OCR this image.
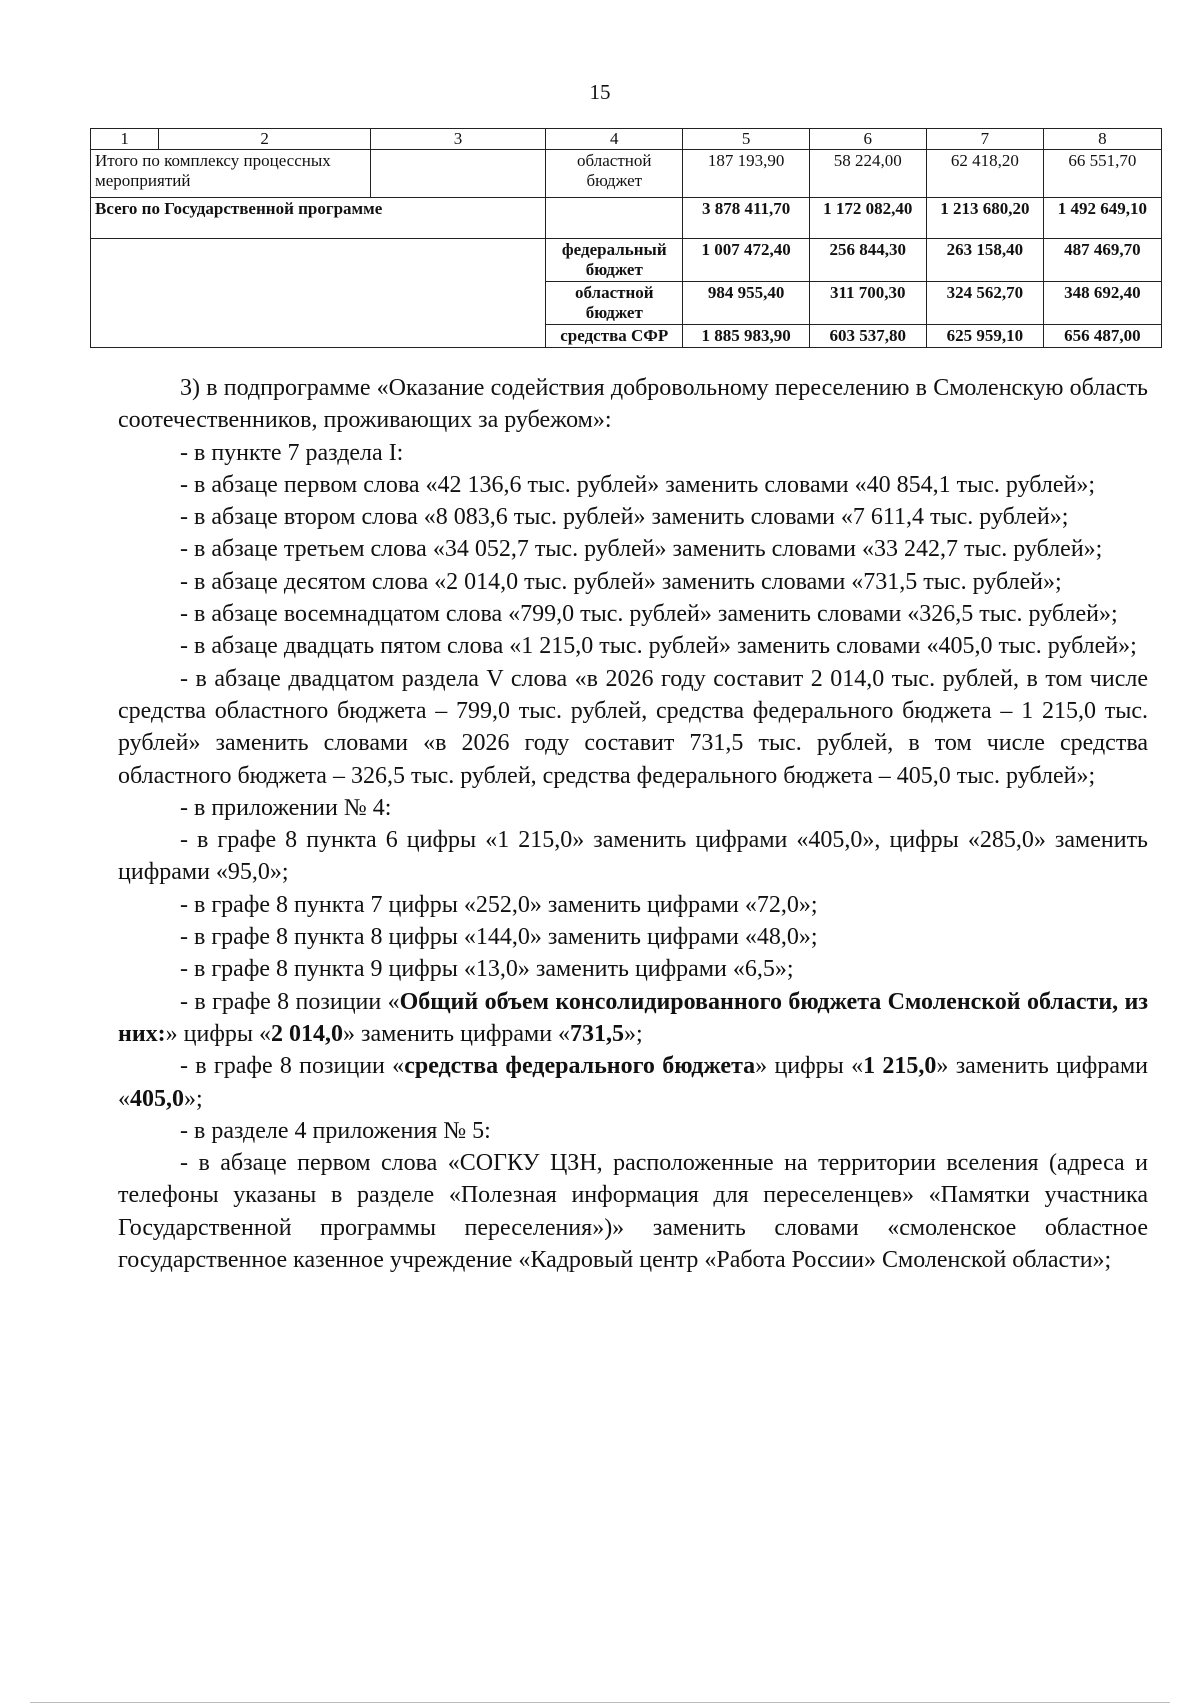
15
1	2	3	4	5	6	7	8
Итого по комплексу процессных мероприятий			областной бюджет	187 193,90	58 224,00	62 418,20	66 551,70
Всего по Государственной программе				3 878 411,70	1 172 082,40	1 213 680,20	1 492 649,10
			федеральный бюджет	1 007 472,40	256 844,30	263 158,40	487 469,70
			областной бюджет	984 955,40	311 700,30	324 562,70	348 692,40
			средства СФР	1 885 983,90	603 537,80	625 959,10	656 487,00

3) в подпрограмме «Оказание содействия добровольному переселению в Смоленскую область соотечественников, проживающих за рубежом»:

- в пункте 7 раздела I:

- в абзаце первом слова «42 136,6 тыс. рублей» заменить словами «40 854,1 тыс. рублей»;

- в абзаце втором слова «8 083,6 тыс. рублей» заменить словами «7 611,4 тыс. рублей»;

- в абзаце третьем слова «34 052,7 тыс. рублей» заменить словами «33 242,7 тыс. рублей»;

- в абзаце десятом слова «2 014,0 тыс. рублей» заменить словами «731,5 тыс. рублей»;

- в абзаце восемнадцатом слова «799,0 тыс. рублей» заменить словами «326,5 тыс. рублей»;

- в абзаце двадцать пятом слова «1 215,0 тыс. рублей» заменить словами «405,0 тыс. рублей»;

- в абзаце двадцатом раздела V слова «в 2026 году составит 2 014,0 тыс. рублей, в том числе средства областного бюджета – 799,0 тыс. рублей, средства федерального бюджета – 1 215,0 тыс. рублей» заменить словами «в 2026 году составит 731,5 тыс. рублей, в том числе средства областного бюджета – 326,5 тыс. рублей, средства федерального бюджета – 405,0 тыс. рублей»;

- в приложении № 4:

- в графе 8 пункта 6 цифры «1 215,0» заменить цифрами «405,0», цифры «285,0» заменить цифрами «95,0»;

- в графе 8 пункта 7 цифры «252,0» заменить цифрами «72,0»;

- в графе 8 пункта 8 цифры «144,0» заменить цифрами «48,0»;

- в графе 8 пункта 9 цифры «13,0» заменить цифрами «6,5»;

- в графе 8 позиции «Общий объем консолидированного бюджета Смоленской области, из них:» цифры «2 014,0» заменить цифрами «731,5»;

- в графе 8 позиции «средства федерального бюджета» цифры «1 215,0» заменить цифрами «405,0»;

- в разделе 4 приложения № 5:

- в абзаце первом слова «СОГКУ ЦЗН, расположенные на территории вселения (адреса и телефоны указаны в разделе «Полезная информация для переселенцев» «Памятки участника Государственной программы переселения»)» заменить словами «смоленское областное государственное казенное учреждение «Кадровый центр «Работа России» Смоленской области»;
